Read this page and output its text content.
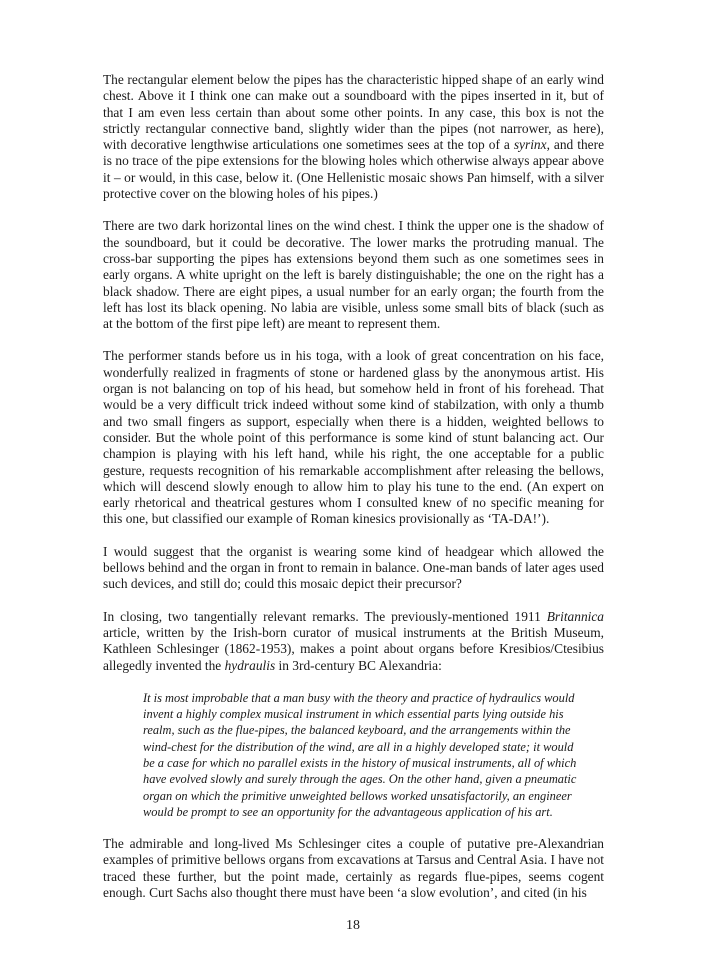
The rectangular element below the pipes has the characteristic hipped shape of an early wind chest. Above it I think one can make out a soundboard with the pipes inserted in it, but of that I am even less certain than about some other points. In any case, this box is not the strictly rectangular connective band, slightly wider than the pipes (not narrower, as here), with decorative lengthwise articulations one sometimes sees at the top of a syrinx, and there is no trace of the pipe extensions for the blowing holes which otherwise always appear above it – or would, in this case, below it. (One Hellenistic mosaic shows Pan himself, with a silver protective cover on the blowing holes of his pipes.)

There are two dark horizontal lines on the wind chest. I think the upper one is the shadow of the soundboard, but it could be decorative. The lower marks the protruding manual. The cross-bar supporting the pipes has extensions beyond them such as one sometimes sees in early organs. A white upright on the left is barely distinguishable; the one on the right has a black shadow. There are eight pipes, a usual number for an early organ; the fourth from the left has lost its black opening. No labia are visible, unless some small bits of black (such as at the bottom of the first pipe left) are meant to represent them.

The performer stands before us in his toga, with a look of great concentration on his face, wonderfully realized in fragments of stone or hardened glass by the anonymous artist. His organ is not balancing on top of his head, but somehow held in front of his forehead. That would be a very difficult trick indeed without some kind of stabilzation, with only a thumb and two small fingers as support, especially when there is a hidden, weighted bellows to consider. But the whole point of this performance is some kind of stunt balancing act. Our champion is playing with his left hand, while his right, the one acceptable for a public gesture, requests recognition of his remarkable accomplishment after releasing the bellows, which will descend slowly enough to allow him to play his tune to the end. (An expert on early rhetorical and theatrical gestures whom I consulted knew of no specific meaning for this one, but classified our example of Roman kinesics provisionally as ‘TA-DA!’).

I would suggest that the organist is wearing some kind of headgear which allowed the bellows behind and the organ in front to remain in balance. One-man bands of later ages used such devices, and still do; could this mosaic depict their precursor?

In closing, two tangentially relevant remarks. The previously-mentioned 1911 Britannica article, written by the Irish-born curator of musical instruments at the British Museum, Kathleen Schlesinger (1862-1953), makes a point about organs before Kresibios/Ctesibius allegedly invented the hydraulis in 3rd-century BC Alexandria:

It is most improbable that a man busy with the theory and practice of hydraulics would invent a highly complex musical instrument in which essential parts lying outside his realm, such as the flue-pipes, the balanced keyboard, and the arrangements within the wind-chest for the distribution of the wind, are all in a highly developed state; it would be a case for which no parallel exists in the history of musical instruments, all of which have evolved slowly and surely through the ages. On the other hand, given a pneumatic organ on which the primitive unweighted bellows worked unsatisfactorily, an engineer would be prompt to see an opportunity for the advantageous application of his art.

The admirable and long-lived Ms Schlesinger cites a couple of putative pre-Alexandrian examples of primitive bellows organs from excavations at Tarsus and Central Asia. I have not traced these further, but the point made, certainly as regards flue-pipes, seems cogent enough. Curt Sachs also thought there must have been ‘a slow evolution’, and cited (in his

18
